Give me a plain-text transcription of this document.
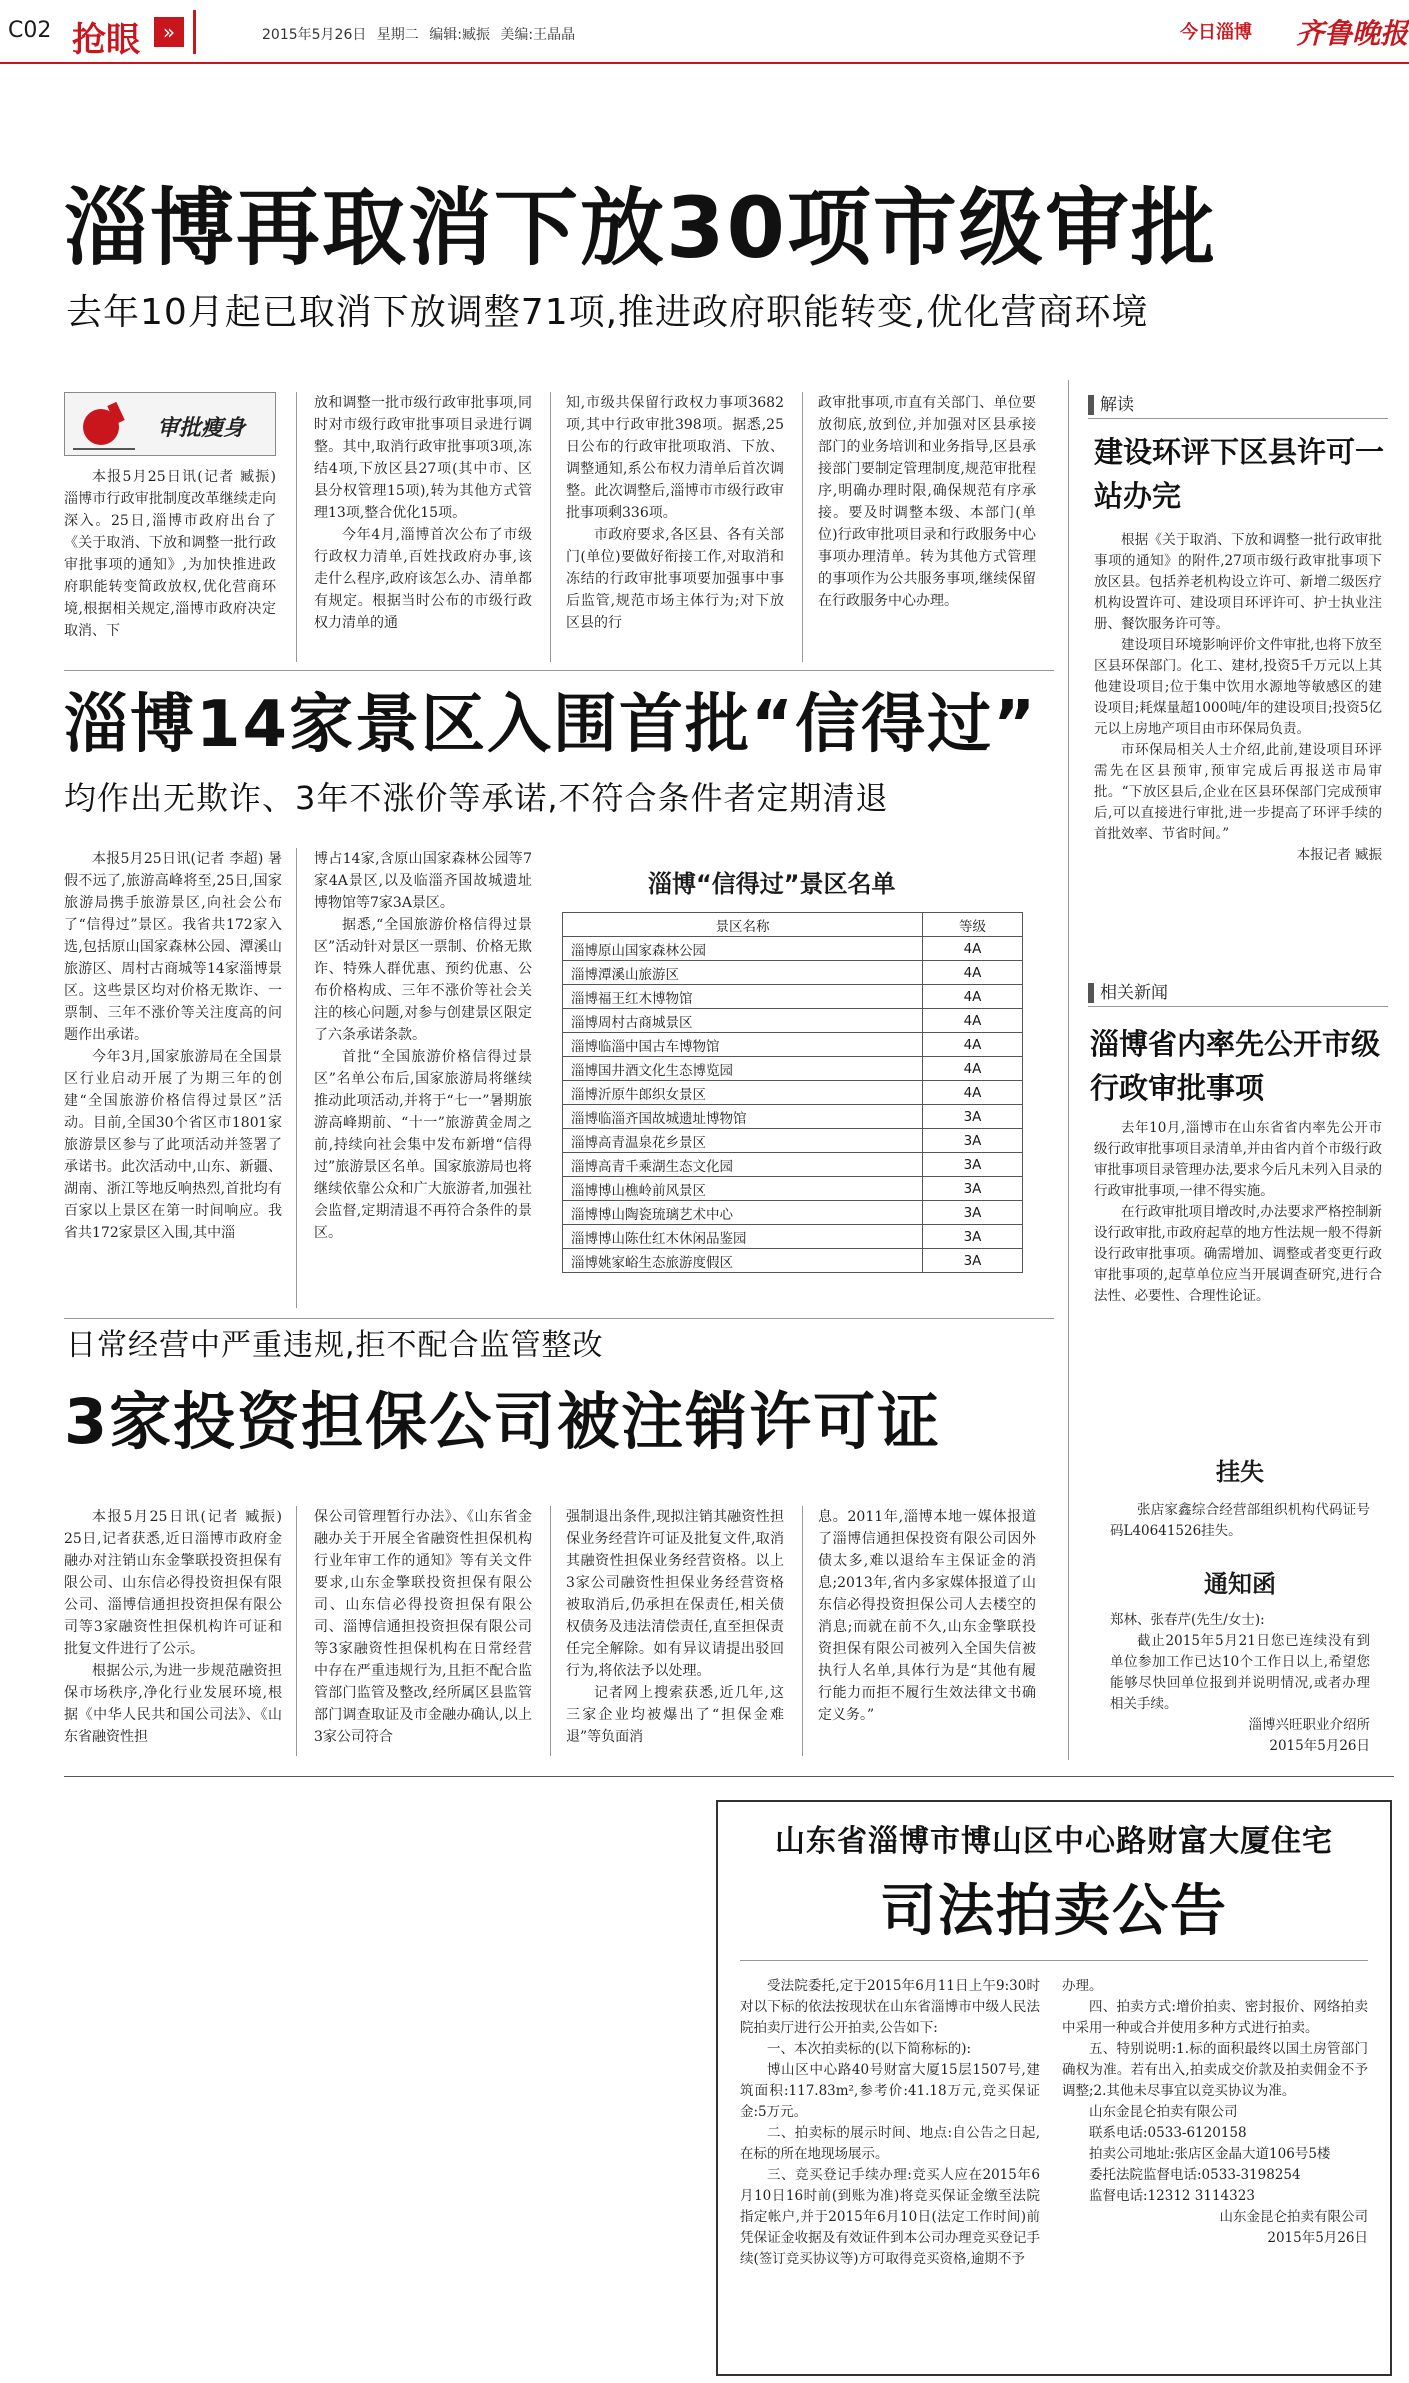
C02 抢眼	»	2015年5月26日 星期二 编辑:臧振 美编:王晶晶	今日淄博 齐鲁晚报
淄博再取消下放30项市级审批
去年10月起已取消下放调整71项,推进政府职能转变,优化营商环境
审批瘦身

本报5月25日讯(记者 臧振) 淄博市行政审批制度改革继续走向深入。25日,淄博市政府出台了《关于取消、下放和调整一批行政审批事项的通知》,为加快推进政府职能转变简政放权,优化营商环境,根据相关规定,淄博市政府决定取消、下

放和调整一批市级行政审批事项,同时对市级行政审批事项目录进行调整。其中,取消行政审批事项3项,冻结4项,下放区县27项(其中市、区县分权管理15项),转为其他方式管理13项,整合优化15项。

今年4月,淄博首次公布了市级行政权力清单,百姓找政府办事,该走什么程序,政府该怎么办、清单都有规定。根据当时公布的市级行政权力清单的通

知,市级共保留行政权力事项3682项,其中行政审批398项。据悉,25日公布的行政审批项取消、下放、调整通知,系公布权力清单后首次调整。此次调整后,淄博市市级行政审批事项剩336项。

市政府要求,各区县、各有关部门(单位)要做好衔接工作,对取消和冻结的行政审批事项要加强事中事后监管,规范市场主体行为;对下放区县的行

政审批事项,市直有关部门、单位要放彻底,放到位,并加强对区县承接部门的业务培训和业务指导,区县承接部门要制定管理制度,规范审批程序,明确办理时限,确保规范有序承接。要及时调整本级、本部门(单位)行政审批项目录和行政服务中心事项办理清单。转为其他方式管理的事项作为公共服务事项,继续保留在行政服务中心办理。

解读
建设环评下区县许可一站办完

根据《关于取消、下放和调整一批行政审批事项的通知》的附件,27项市级行政审批事项下放区县。包括养老机构设立许可、新增二级医疗机构设置许可、建设项目环评许可、护士执业注册、餐饮服务许可等。

建设项目环境影响评价文件审批,也将下放至区县环保部门。化工、建材,投资5千万元以上其他建设项目;位于集中饮用水源地等敏感区的建设项目;耗煤量超1000吨/年的建设项目;投资5亿元以上房地产项目由市环保局负责。

市环保局相关人士介绍,此前,建设项目环评需先在区县预审,预审完成后再报送市局审批。“下放区县后,企业在区县环保部门完成预审后,可以直接进行审批,进一步提高了环评手续的首批效率、节省时间。”

本报记者 臧振

淄博14家景区入围首批“信得过”
均作出无欺诈、3年不涨价等承诺,不符合条件者定期清退

本报5月25日讯(记者 李超) 暑假不远了,旅游高峰将至,25日,国家旅游局携手旅游景区,向社会公布了“信得过”景区。我省共172家入选,包括原山国家森林公园、潭溪山旅游区、周村古商城等14家淄博景区。这些景区均对价格无欺诈、一票制、三年不涨价等关注度高的问题作出承诺。

今年3月,国家旅游局在全国景区行业启动开展了为期三年的创建“全国旅游价格信得过景区”活动。目前,全国30个省区市1801家旅游景区参与了此项活动并签署了承诺书。此次活动中,山东、新疆、湖南、浙江等地反响热烈,首批均有百家以上景区在第一时间响应。我省共172家景区入围,其中淄

博占14家,含原山国家森林公园等7家4A景区,以及临淄齐国故城遗址博物馆等7家3A景区。

据悉,“全国旅游价格信得过景区”活动针对景区一票制、价格无欺诈、特殊人群优惠、预约优惠、公布价格构成、三年不涨价等社会关注的核心问题,对参与创建景区限定了六条承诺条款。

首批“全国旅游价格信得过景区”名单公布后,国家旅游局将继续推动此项活动,并将于“七一”暑期旅游高峰期前、“十一”旅游黄金周之前,持续向社会集中发布新增“信得过”旅游景区名单。国家旅游局也将继续依靠公众和广大旅游者,加强社会监督,定期清退不再符合条件的景区。

淄博“信得过”景区名单
景区名称	等级
淄博原山国家森林公园	4A
淄博潭溪山旅游区	4A
淄博福王红木博物馆	4A
淄博周村古商城景区	4A
淄博临淄中国古车博物馆	4A
淄博国井酒文化生态博览园	4A
淄博沂原牛郎织女景区	4A
淄博临淄齐国故城遗址博物馆	3A
淄博高青温泉花乡景区	3A
淄博高青千乘湖生态文化园	3A
淄博博山樵岭前风景区	3A
淄博博山陶瓷琉璃艺术中心	3A
淄博博山陈仕红木休闲品鉴园	3A
淄博姚家峪生态旅游度假区	3A
相关新闻
淄博省内率先公开市级行政审批事项

去年10月,淄博市在山东省省内率先公开市级行政审批事项目录清单,并由省内首个市级行政审批事项目录管理办法,要求今后凡未列入目录的行政审批事项,一律不得实施。

在行政审批项目增改时,办法要求严格控制新设行政审批,市政府起草的地方性法规一般不得新设行政审批事项。确需增加、调整或者变更行政审批事项的,起草单位应当开展调查研究,进行合法性、必要性、合理性论证。

日常经营中严重违规,拒不配合监管整改
3家投资担保公司被注销许可证

本报5月25日讯(记者 臧振) 25日,记者获悉,近日淄博市政府金融办对注销山东金擎联投资担保有限公司、山东信必得投资担保有限公司、淄博信通担投资担保有限公司等3家融资性担保机构许可证和批复文件进行了公示。

根据公示,为进一步规范融资担保市场秩序,净化行业发展环境,根据《中华人民共和国公司法》、《山东省融资性担

保公司管理暂行办法》、《山东省金融办关于开展全省融资性担保机构行业年审工作的通知》等有关文件要求,山东金擎联投资担保有限公司、山东信必得投资担保有限公司、淄博信通担投资担保有限公司等3家融资性担保机构在日常经营中存在严重违规行为,且拒不配合监管部门监管及整改,经所属区县监管部门调查取证及市金融办确认,以上3家公司符合

强制退出条件,现拟注销其融资性担保业务经营许可证及批复文件,取消其融资性担保业务经营资格。以上3家公司融资性担保业务经营资格被取消后,仍承担在保责任,相关债权债务及违法清偿责任,直至担保责任完全解除。如有异议请提出驳回行为,将依法予以处理。

记者网上搜索获悉,近几年,这三家企业均被爆出了“担保金难退”等负面消

息。2011年,淄博本地一媒体报道了淄博信通担保投资有限公司因外债太多,难以退给车主保证金的消息;2013年,省内多家媒体报道了山东信必得投资担保公司人去楼空的消息;而就在前不久,山东金擎联投资担保有限公司被列入全国失信被执行人名单,具体行为是“其他有履行能力而拒不履行生效法律文书确定义务。”

挂失
张店家鑫综合经营部组织机构代码证号码L40641526挂失。
通知函

郑林、张春芹(先生/女士):

截止2015年5月21日您已连续没有到单位参加工作已达10个工作日以上,希望您能够尽快回单位报到并说明情况,或者办理相关手续。

淄博兴旺职业介绍所

2015年5月26日

山东省淄博市博山区中心路财富大厦住宅
司法拍卖公告

受法院委托,定于2015年6月11日上午9:30时对以下标的依法按现状在山东省淄博市中级人民法院拍卖厅进行公开拍卖,公告如下:

一、本次拍卖标的(以下简称标的):

博山区中心路40号财富大厦15层1507号,建筑面积:117.83m²,参考价:41.18万元,竞买保证金:5万元。

二、拍卖标的展示时间、地点:自公告之日起,在标的所在地现场展示。

三、竞买登记手续办理:竞买人应在2015年6月10日16时前(到账为准)将竞买保证金缴至法院指定帐户,并于2015年6月10日(法定工作时间)前凭保证金收据及有效证件到本公司办理竞买登记手续(签订竞买协议等)方可取得竞买资格,逾期不予

办理。

四、拍卖方式:增价拍卖、密封报价、网络拍卖中采用一种或合并使用多种方式进行拍卖。

五、特别说明:1.标的面积最终以国土房管部门确权为准。若有出入,拍卖成交价款及拍卖佣金不予调整;2.其他未尽事宜以竞买协议为准。

山东金昆仑拍卖有限公司

联系电话:0533-6120158

拍卖公司地址:张店区金晶大道106号5楼

委托法院监督电话:0533-3198254

监督电话:12312 3114323

山东金昆仑拍卖有限公司

2015年5月26日
